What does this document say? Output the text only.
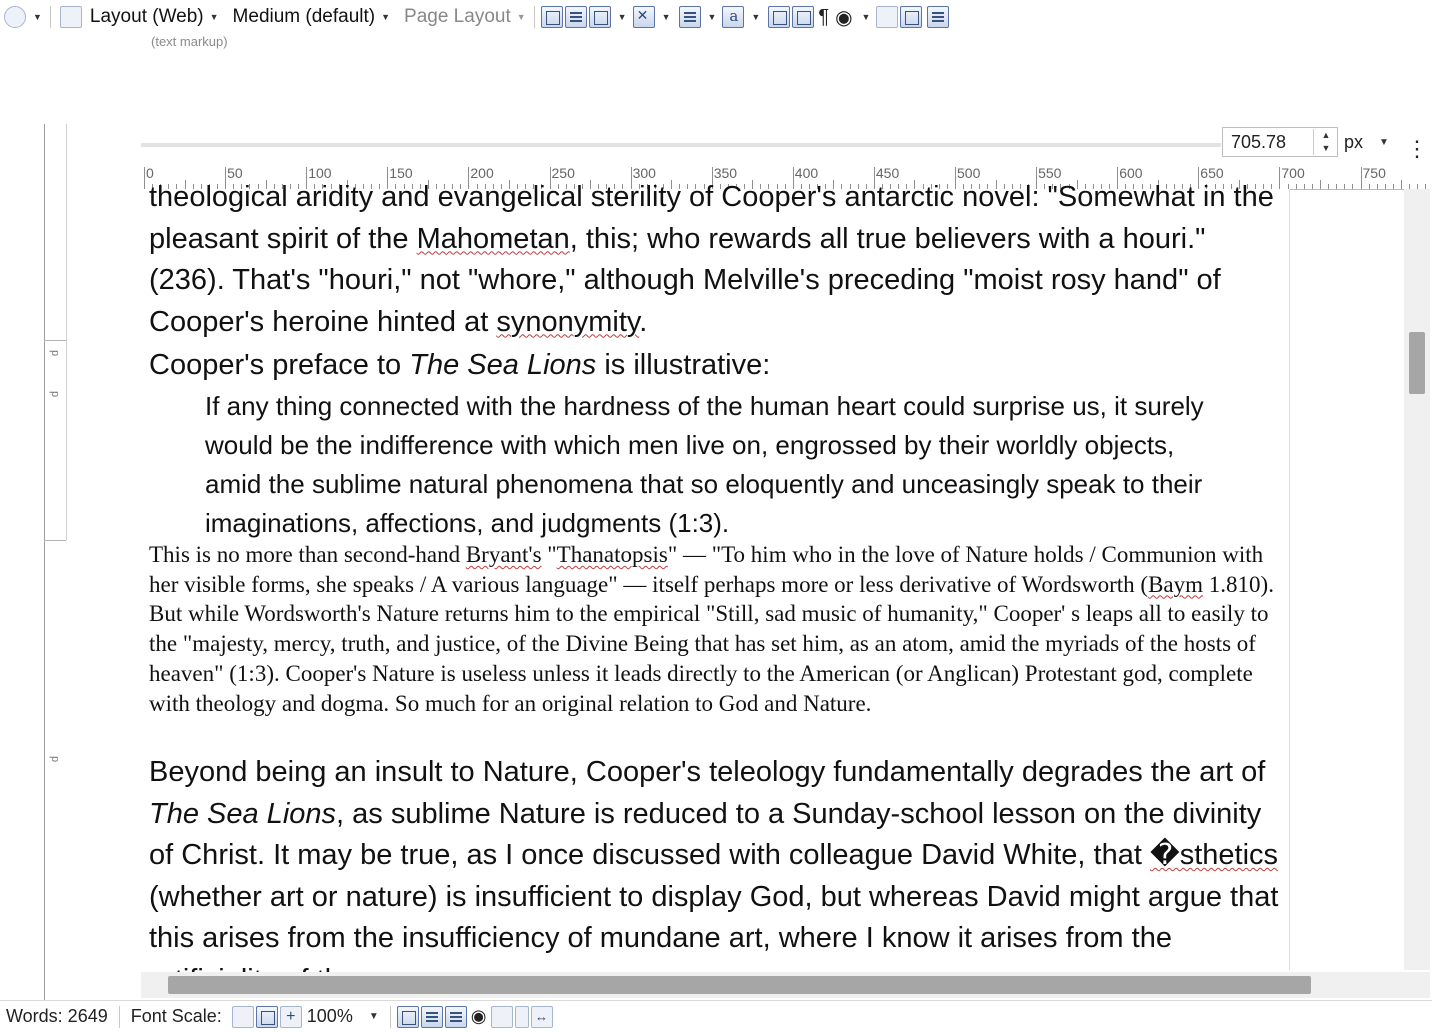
▼	Layout (Web) ▼ Medium (default) ▼ Page Layout ▼	▼ ✕	▼	▼ a	▼	¶ ◉ ▼
(text markup)
p
p
p
705.78	▲
▼ px ▼ ⋮
0	50	100	150	200	250	300	350	400	450	500	550	600	650	700	750

theological aridity and evangelical sterility of Cooper's antarctic novel: "Somewhat in the pleasant spirit of the Mahometan, this; who rewards all true believers with a houri." (236). That's "houri," not "whore," although Melville's preceding "moist rosy hand" of Cooper's heroine hinted at synonymity.

Cooper's preface to The Sea Lions is illustrative:

If any thing connected with the hardness of the human heart could surprise us, it surely would be the indifference with which men live on, engrossed by their worldly objects, amid the sublime natural phenomena that so eloquently and unceasingly speak to their imaginations, affections, and judgments (1:3).

This is no more than second-hand Bryant's "Thanatopsis" — "To him who in the love of Nature holds / Communion with her visible forms, she speaks / A various language" — itself perhaps more or less derivative of Wordsworth (Baym 1.810). But while Wordsworth's Nature returns him to the empirical "Still, sad music of humanity," Cooper' s leaps all to easily to the "majesty, mercy, truth, and justice, of the Divine Being that has set him, as an atom, amid the myriads of the hosts of heaven" (1:3). Cooper's Nature is useless unless it leads directly to the American (or Anglican) Protestant god, complete with theology and dogma. So much for an original relation to God and Nature.

Beyond being an insult to Nature, Cooper's teleology fundamentally degrades the art of The Sea Lions, as sublime Nature is reduced to a Sunday-school lesson on the divinity of Christ. It may be true, as I once discussed with colleague David White, that �sthetics (whether art or nature) is insufficient to display God, but whereas David might argue that this arises from the insufficiency of mundane art, where I know it arises from the

Words: 2649	Font Scale:	+ 100% ▼	◉	↔
